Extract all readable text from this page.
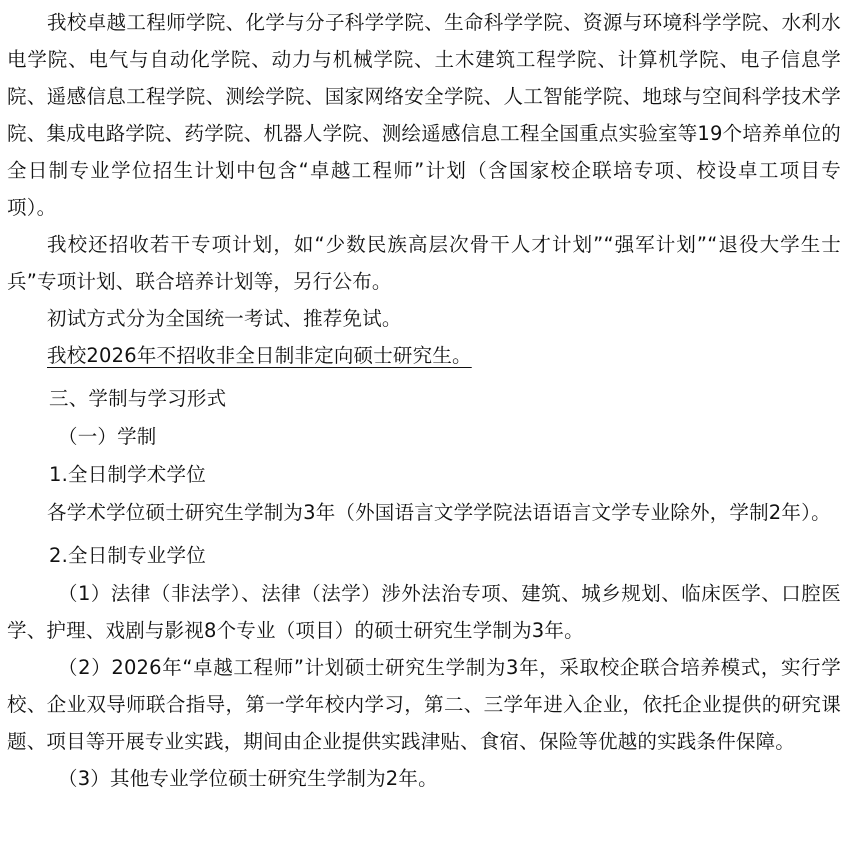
我校卓越工程师学院、化学与分子科学学院、生命科学学院、资源与环境科学学院、水利水电学院、电气与自动化学院、动力与机械学院、土木建筑工程学院、计算机学院、电子信息学院、遥感信息工程学院、测绘学院、国家网络安全学院、人工智能学院、地球与空间科学技术学院、集成电路学院、药学院、机器人学院、测绘遥感信息工程全国重点实验室等19个培养单位的全日制专业学位招生计划中包含“卓越工程师”计划（含国家校企联培专项、校设卓工项目专项）。

我校还招收若干专项计划，如“少数民族高层次骨干人才计划”“强军计划”“退役大学生士兵”专项计划、联合培养计划等，另行公布。

初试方式分为全国统一考试、推荐免试。

我校2026年不招收非全日制非定向硕士研究生。

三、学制与学习形式

（一）学制

1.全日制学术学位

各学术学位硕士研究生学制为3年（外国语言文学学院法语语言文学专业除外，学制2年）。

2.全日制专业学位

（1）法律（非法学）、法律（法学）涉外法治专项、建筑、城乡规划、临床医学、口腔医学、护理、戏剧与影视8个专业（项目）的硕士研究生学制为3年。

（2）2026年“卓越工程师”计划硕士研究生学制为3年，采取校企联合培养模式，实行学校、企业双导师联合指导，第一学年校内学习，第二、三学年进入企业，依托企业提供的研究课题、项目等开展专业实践，期间由企业提供实践津贴、食宿、保险等优越的实践条件保障。

（3）其他专业学位硕士研究生学制为2年。
